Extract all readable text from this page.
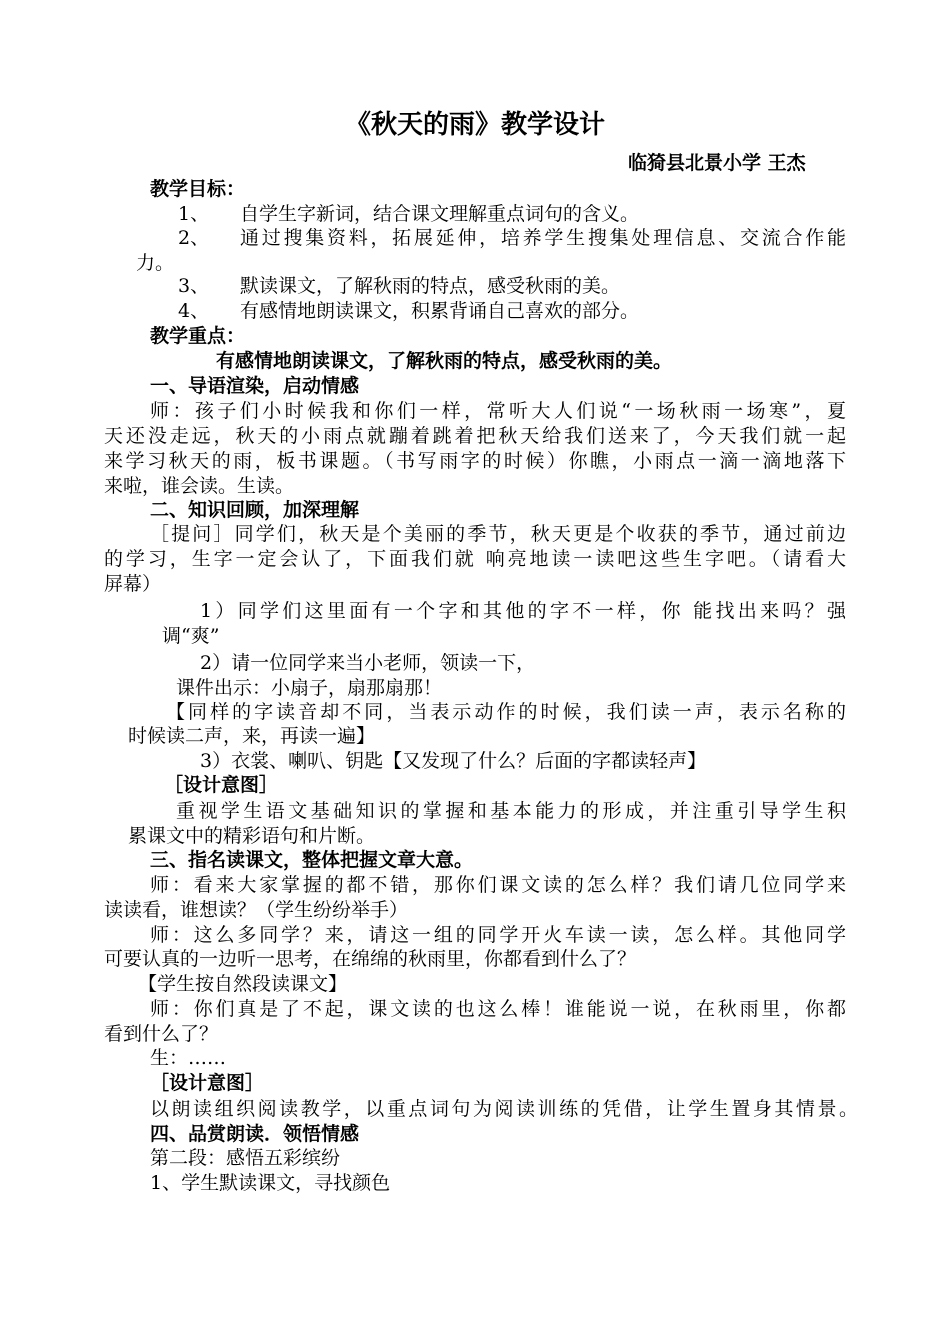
《秋天的雨》教学设计
临猗县北景小学 王杰
教学目标：
1、 自学生字新词，结合课文理解重点词句的含义。
2、 通过搜集资料，拓展延伸，培养学生搜集处理信息、交流合作能
力。
3、 默读课文，了解秋雨的特点，感受秋雨的美。
4、 有感情地朗读课文，积累背诵自己喜欢的部分。
教学重点：
有感情地朗读课文，了解秋雨的特点，感受秋雨的美。
一、导语渲染，启动情感
师：孩子们小时候我和你们一样，常听大人们说“一场秋雨一场寒”，夏
天还没走远，秋天的小雨点就蹦着跳着把秋天给我们送来了，今天我们就一起
来学习秋天的雨，板书课题。（书写雨字的时候）你瞧，小雨点一滴一滴地落下
来啦，谁会读。生读。
二、知识回顾，加深理解
［提问］同学们，秋天是个美丽的季节，秋天更是个收获的季节，通过前边
的学习，生字一定会认了，下面我们就 响亮地读一读吧这些生字吧。（请看大
屏幕）
1）同学们这里面有一个字和其他的字不一样，你 能找出来吗？强
调“爽”
2）请一位同学来当小老师，领读一下，
课件出示：小扇子，扇那扇那！
【同样的字读音却不同，当表示动作的时候，我们读一声，表示名称的
时候读二声，来，再读一遍】
3）衣裳、喇叭、钥匙【又发现了什么？后面的字都读轻声】
［设计意图］
重视学生语文基础知识的掌握和基本能力的形成，并注重引导学生积
累课文中的精彩语句和片断。
三、指名读课文，整体把握文章大意。
师：看来大家掌握的都不错，那你们课文读的怎么样？我们请几位同学来
读读看，谁想读？（学生纷纷举手）
师：这么多同学？来，请这一组的同学开火车读一读，怎么样。其他同学
可要认真的一边听一思考，在绵绵的秋雨里，你都看到什么了？
【学生按自然段读课文】
师：你们真是了不起，课文读的也这么棒！谁能说一说，在秋雨里，你都
看到什么了？
生：……
［设计意图］
以朗读组织阅读教学，以重点词句为阅读训练的凭借，让学生置身其情景。
四、品赏朗读．领悟情感
第二段：感悟五彩缤纷
1、学生默读课文，寻找颜色
